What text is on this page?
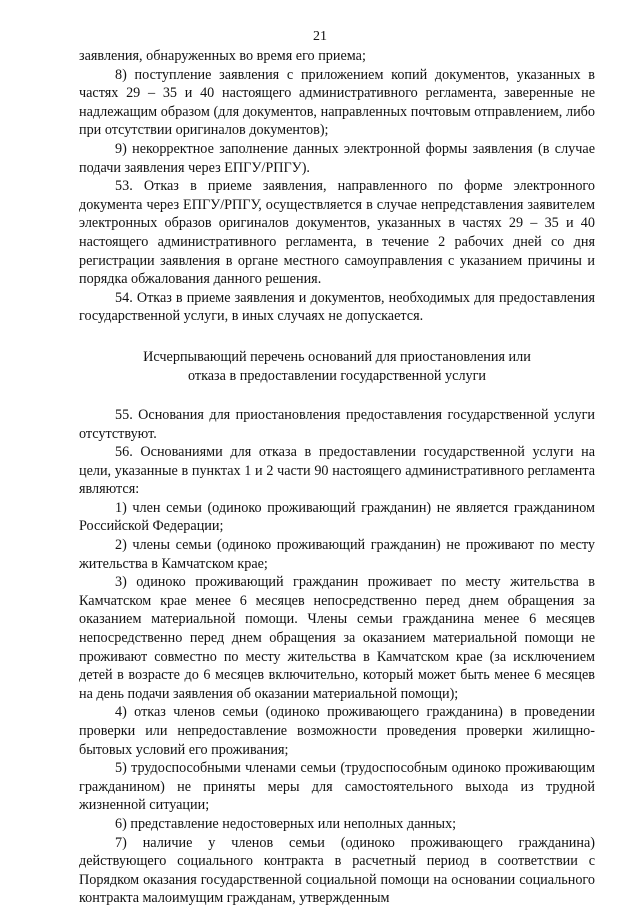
21

заявления, обнаруженных во время его приема;

8) поступление заявления с приложением копий документов, указанных в частях 29 – 35 и 40 настоящего административного регламента, заверенные не надлежащим образом (для документов, направленных почтовым отправлением, либо при отсутствии оригиналов документов);

9) некорректное заполнение данных электронной формы заявления (в случае подачи заявления через ЕПГУ/РПГУ).

53. Отказ в приеме заявления, направленного по форме электронного документа через ЕПГУ/РПГУ, осуществляется в случае непредставления заявителем электронных образов оригиналов документов, указанных в частях 29 – 35 и 40 настоящего административного регламента, в течение 2 рабочих дней со дня регистрации заявления в органе местного самоуправления с указанием причины и порядка обжалования данного решения.

54. Отказ в приеме заявления и документов, необходимых для предоставления государственной услуги, в иных случаях не допускается.

Исчерпывающий перечень оснований для приостановления или

отказа в предоставлении государственной услуги

55. Основания для приостановления предоставления государственной услуги отсутствуют.

56. Основаниями для отказа в предоставлении государственной услуги на цели, указанные в пунктах 1 и 2 части 90 настоящего административного регламента являются:

1) член семьи (одиноко проживающий гражданин) не является гражданином Российской Федерации;

2) члены семьи (одиноко проживающий гражданин) не проживают по месту жительства в Камчатском крае;

3) одиноко проживающий гражданин проживает по месту жительства в Камчатском крае менее 6 месяцев непосредственно перед днем обращения за оказанием материальной помощи. Члены семьи гражданина менее 6 месяцев непосредственно перед днем обращения за оказанием материальной помощи не проживают совместно по месту жительства в Камчатском крае (за исключением детей в возрасте до 6 месяцев включительно, который может быть менее 6 месяцев на день подачи заявления об оказании материальной помощи);

4) отказ членов семьи (одиноко проживающего гражданина) в проведении проверки или непредоставление возможности проведения проверки жилищно-бытовых условий его проживания;

5) трудоспособными членами семьи (трудоспособным одиноко проживающим гражданином) не приняты меры для самостоятельного выхода из трудной жизненной ситуации;

6) представление недостоверных или неполных данных;

7) наличие у членов семьи (одиноко проживающего гражданина) действующего социального контракта в расчетный период в соответствии с Порядком оказания государственной социальной помощи на основании социального контракта малоимущим гражданам, утвержденным
